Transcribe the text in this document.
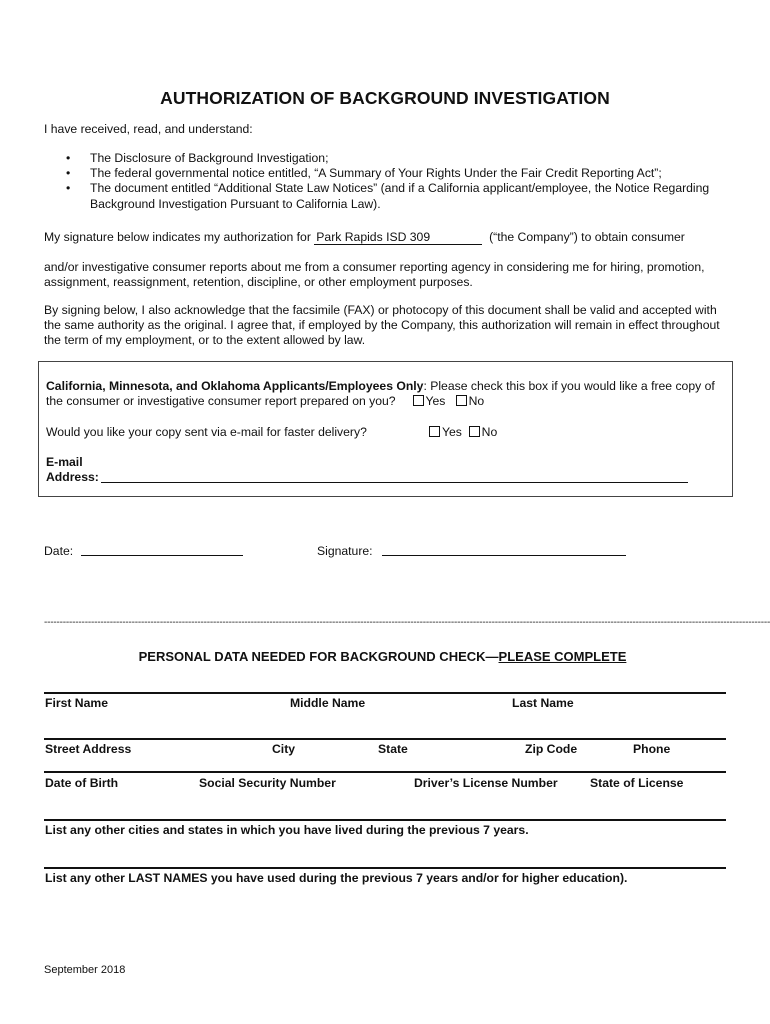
AUTHORIZATION OF BACKGROUND INVESTIGATION
I have received, read, and understand:
• The Disclosure of Background Investigation;
• The federal governmental notice entitled, “A Summary of Your Rights Under the Fair Credit Reporting Act”;
• The document entitled “Additional State Law Notices” (and if a California applicant/employee, the Notice Regarding Background Investigation Pursuant to California Law).
My signature below indicates my authorization for Park Rapids ISD 309	(“the Company”) to obtain consumer
and/or investigative consumer reports about me from a consumer reporting agency in considering me for hiring, promotion, assignment, reassignment, retention, discipline, or other employment purposes.
By signing below, I also acknowledge that the facsimile (FAX) or photocopy of this document shall be valid and accepted with the same authority as the original. I agree that, if employed by the Company, this authorization will remain in effect throughout the term of my employment, or to the extent allowed by law.
California, Minnesota, and Oklahoma Applicants/Employees Only: Please check this box if you would like a free copy of the consumer or investigative consumer report prepared on you? Yes No
Would you like your copy sent via e-mail for faster delivery?	Yes No
E-mail
Address:
Date:	Signature:
----------------------------------------------------------------------------------------------------------------------------------------------------------------------------------------------------------------------------------------
PERSONAL DATA NEEDED FOR BACKGROUND CHECK—PLEASE COMPLETE
First Name	Middle Name	Last Name
Street Address	City	State	Zip Code	Phone
Date of Birth	Social Security Number	Driver’s License Number	State of License
List any other cities and states in which you have lived during the previous 7 years.
List any other LAST NAMES you have used during the previous 7 years and/or for higher education).
September 2018
